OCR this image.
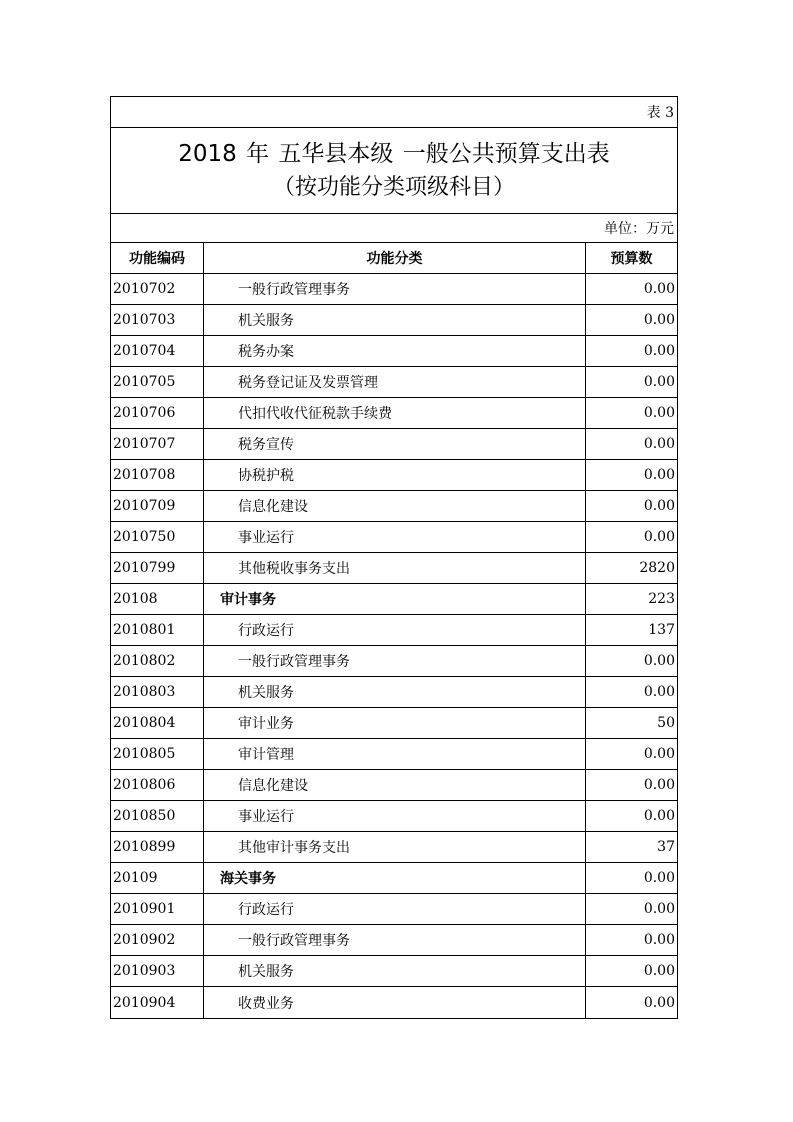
表 3
2018 年 五华县本级 一般公共预算支出表
（按功能分类项级科目）
单位：万元
功能编码	功能分类	预算数
2010702	一般行政管理事务	0.00
2010703	机关服务	0.00
2010704	税务办案	0.00
2010705	税务登记证及发票管理	0.00
2010706	代扣代收代征税款手续费	0.00
2010707	税务宣传	0.00
2010708	协税护税	0.00
2010709	信息化建设	0.00
2010750	事业运行	0.00
2010799	其他税收事务支出	2820
20108	审计事务	223
2010801	行政运行	137
2010802	一般行政管理事务	0.00
2010803	机关服务	0.00
2010804	审计业务	50
2010805	审计管理	0.00
2010806	信息化建设	0.00
2010850	事业运行	0.00
2010899	其他审计事务支出	37
20109	海关事务	0.00
2010901	行政运行	0.00
2010902	一般行政管理事务	0.00
2010903	机关服务	0.00
2010904	收费业务	0.00
